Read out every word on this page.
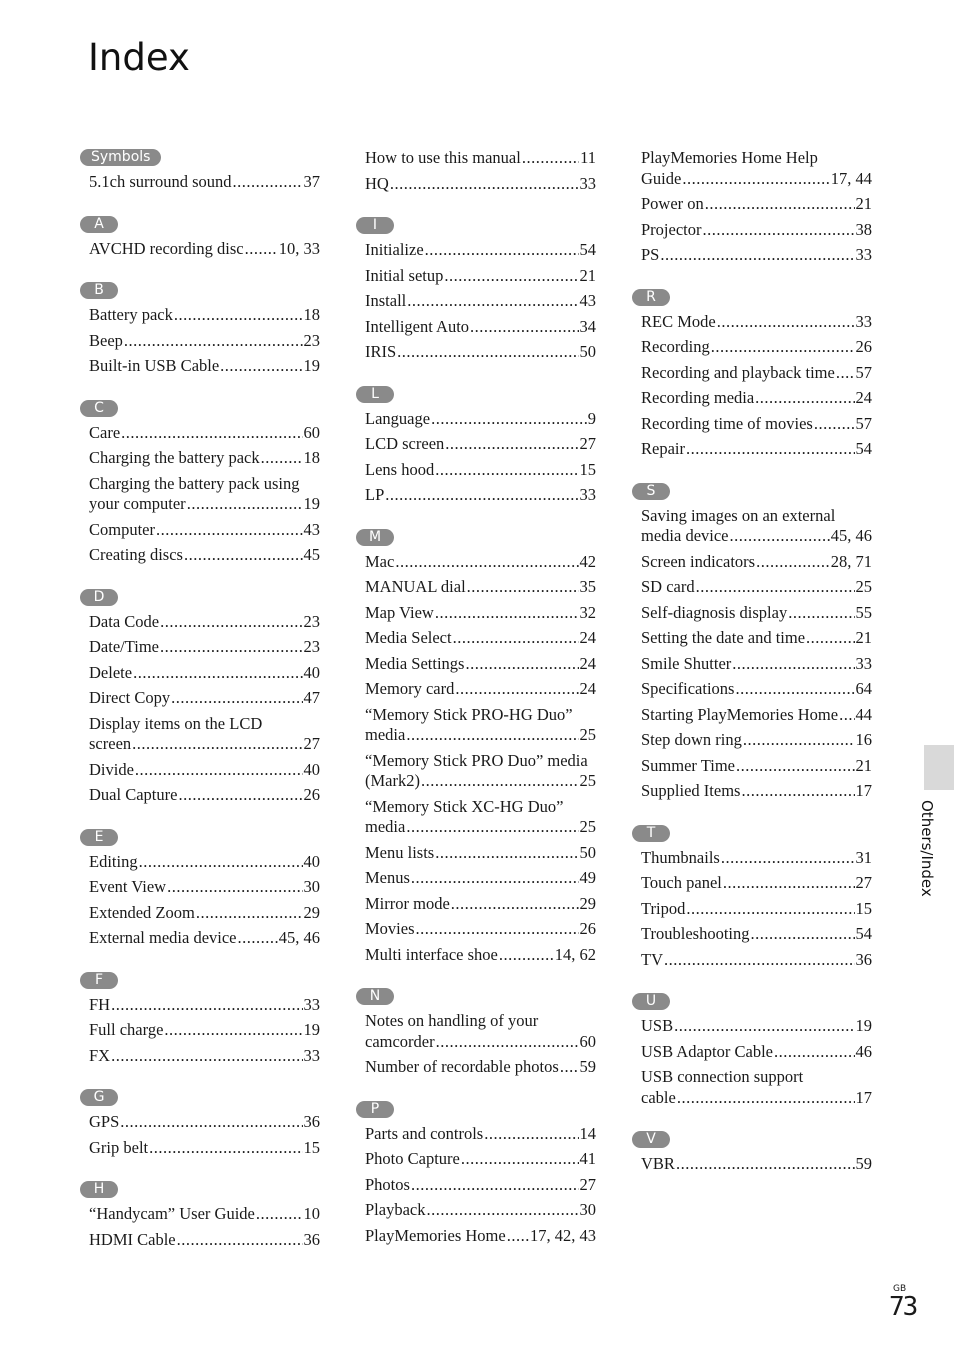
Index
Symbols
5.1ch surround sound .....	37
A
AVCHD recording disc ..... 10, 33
B
Battery pack .....	18
Beep .....	23
Built-in USB Cable .....	19
C
Care .....	60
Charging the battery pack .....	18
Charging the battery pack using
your computer .....	19
Computer .....	43
Creating discs .....	45
D
Data Code .....	23
Date/Time .....	23
Delete .....	40
Direct Copy .....	47
Display items on the LCD
screen .....	27
Divide .....	40
Dual Capture .....	26
E
Editing .....	40
Event View .....	30
Extended Zoom .....	29
External media device .....	45, 46
F
FH .....	33
Full charge .....	19
FX .....	33
G
GPS .....	36
Grip belt .....	15
H
“Handycam” User Guide .....	10
HDMI Cable .....	36
How to use this manual .....	11
HQ .....	33
I
Initialize .....	54
Initial setup .....	21
Install .....	43
Intelligent Auto .....	34
IRIS .....	50
L
Language .....	9
LCD screen .....	27
Lens hood .....	15
LP .....	33
M
Mac .....	42
MANUAL dial .....	35
Map View .....	32
Media Select .....	24
Media Settings .....	24
Memory card .....	24
“Memory Stick PRO-HG Duo”
media .....	25
“Memory Stick PRO Duo” media
(Mark2) .....	25
“Memory Stick XC-HG Duo”
media .....	25
Menu lists .....	50
Menus .....	49
Mirror mode .....	29
Movies .....	26
Multi interface shoe .....	14, 62
N
Notes on handling of your
camcorder .....	60
Number of recordable photos ..... 59
P
Parts and controls .....	14
Photo Capture .....	41
Photos .....	27
Playback .....	30
PlayMemories Home ..... 17, 42, 43
PlayMemories Home Help
Guide .....	17, 44
Power on .....	21
Projector .....	38
PS .....	33
R
REC Mode .....	33
Recording .....	26
Recording and playback time ..... 57
Recording media .....	24
Recording time of movies .....	57
Repair .....	54
S
Saving images on an external
media device .....	45, 46
Screen indicators .....	28, 71
SD card .....	25
Self-diagnosis display .....	55
Setting the date and time .....	21
Smile Shutter .....	33
Specifications .....	64
Starting PlayMemories Home ..... 44
Step down ring .....	16
Summer Time .....	21
Supplied Items .....	17
T
Thumbnails .....	31
Touch panel .....	27
Tripod .....	15
Troubleshooting .....	54
TV .....	36
U
USB .....	19
USB Adaptor Cable .....	46
USB connection support
cable .....	17
V
VBR .....	59
Others/Index
GB
73
